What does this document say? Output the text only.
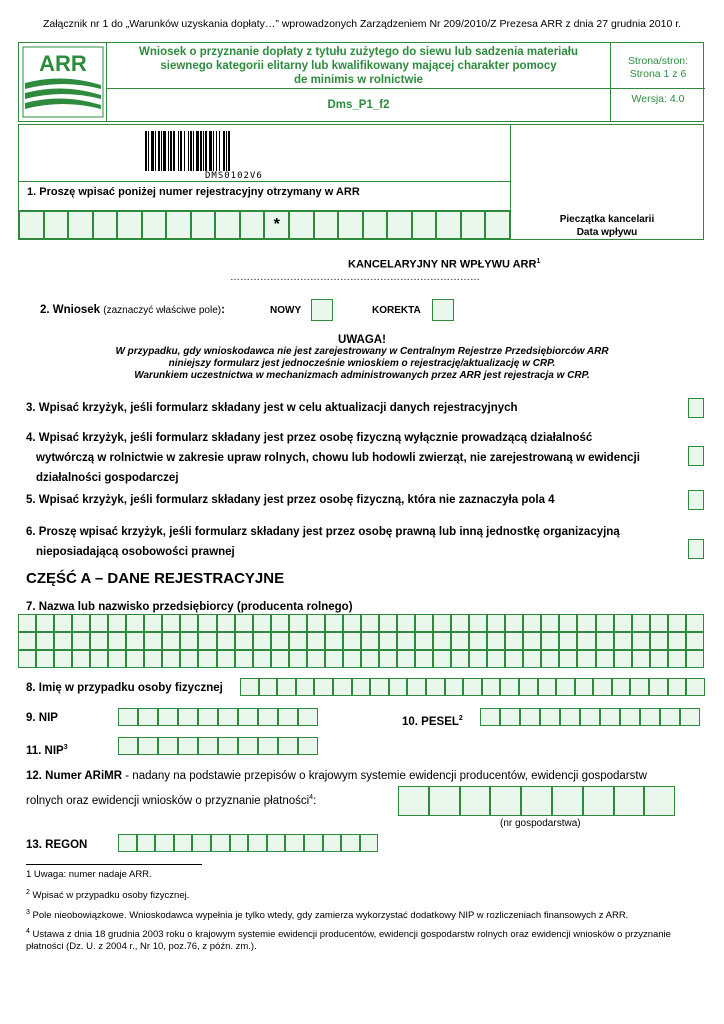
Załącznik nr 1 do „Warunków uzyskania dopłaty…” wprowadzonych Zarządzeniem Nr 209/2010/Z Prezesa ARR z dnia 27 grudnia 2010 r.
ARR	Wniosek o przyznanie dopłaty z tytułu zużytego do siewu lub sadzenia materiału
siewnego kategorii elitarny lub kwalifikowany mającej charakter pomocy
de minimis w rolnictwie
Dms_P1_f2
Strona/stron:
Strona 1 z 6
Wersja: 4.0
DMS0102V6
1. Proszę wpisać poniżej numer rejestracyjny otrzymany w ARR
*	Pieczątka kancelarii
Data wpływu
KANCELARYJNY NR WPŁYWU ARR$^1$
…………………………………………………………………
2. Wniosek (zaznaczyć właściwe pole):	NOWY	KOREKTA
UWAGA!
W przypadku, gdy wnioskodawca nie jest zarejestrowany w Centralnym Rejestrze Przedsiębiorców ARR
niniejszy formularz jest jednocześnie wnioskiem o rejestrację/aktualizację w CRP.
Warunkiem uczestnictwa w mechanizmach administrowanych przez ARR jest rejestracja w CRP.
3. Wpisać krzyżyk, jeśli formularz składany jest w celu aktualizacji danych rejestracyjnych
4. Wpisać krzyżyk, jeśli formularz składany jest przez osobę fizyczną wyłącznie prowadzącą działalność
wytwórczą w rolnictwie w zakresie upraw rolnych, chowu lub hodowli zwierząt, nie zarejestrowaną w ewidencji
działalności gospodarczej
5. Wpisać krzyżyk, jeśli formularz składany jest przez osobę fizyczną, która nie zaznaczyła pola 4
6. Proszę wpisać krzyżyk, jeśli formularz składany jest przez osobę prawną lub inną jednostkę organizacyjną
nieposiadającą osobowości prawnej
CZĘŚĆ A – DANE REJESTRACYJNE
7. Nazwa lub nazwisko przedsiębiorcy (producenta rolnego)
8. Imię w przypadku osoby fizycznej
9. NIP	10. PESEL$^2$
11. NIP$^3$
12. Numer ARiMR - nadany na podstawie przepisów o krajowym systemie ewidencji producentów, ewidencji gospodarstw
rolnych oraz ewidencji wniosków o przyznanie płatności$^4$:
(nr gospodarstwa)
13. REGON
1 Uwaga: numer nadaje ARR.
$^2$ Wpisać w przypadku osoby fizycznej.
$^3$ Pole nieobowiązkowe. Wnioskodawca wypełnia je tylko wtedy, gdy zamierza wykorzystać dodatkowy NIP w rozliczeniach finansowych z ARR.
$^4$ Ustawa z dnia 18 grudnia 2003 roku o krajowym systemie ewidencji producentów, ewidencji gospodarstw rolnych oraz ewidencji wniosków o przyznanie
płatności (Dz. U. z 2004 r., Nr 10, poz.76, z późn. zm.).
